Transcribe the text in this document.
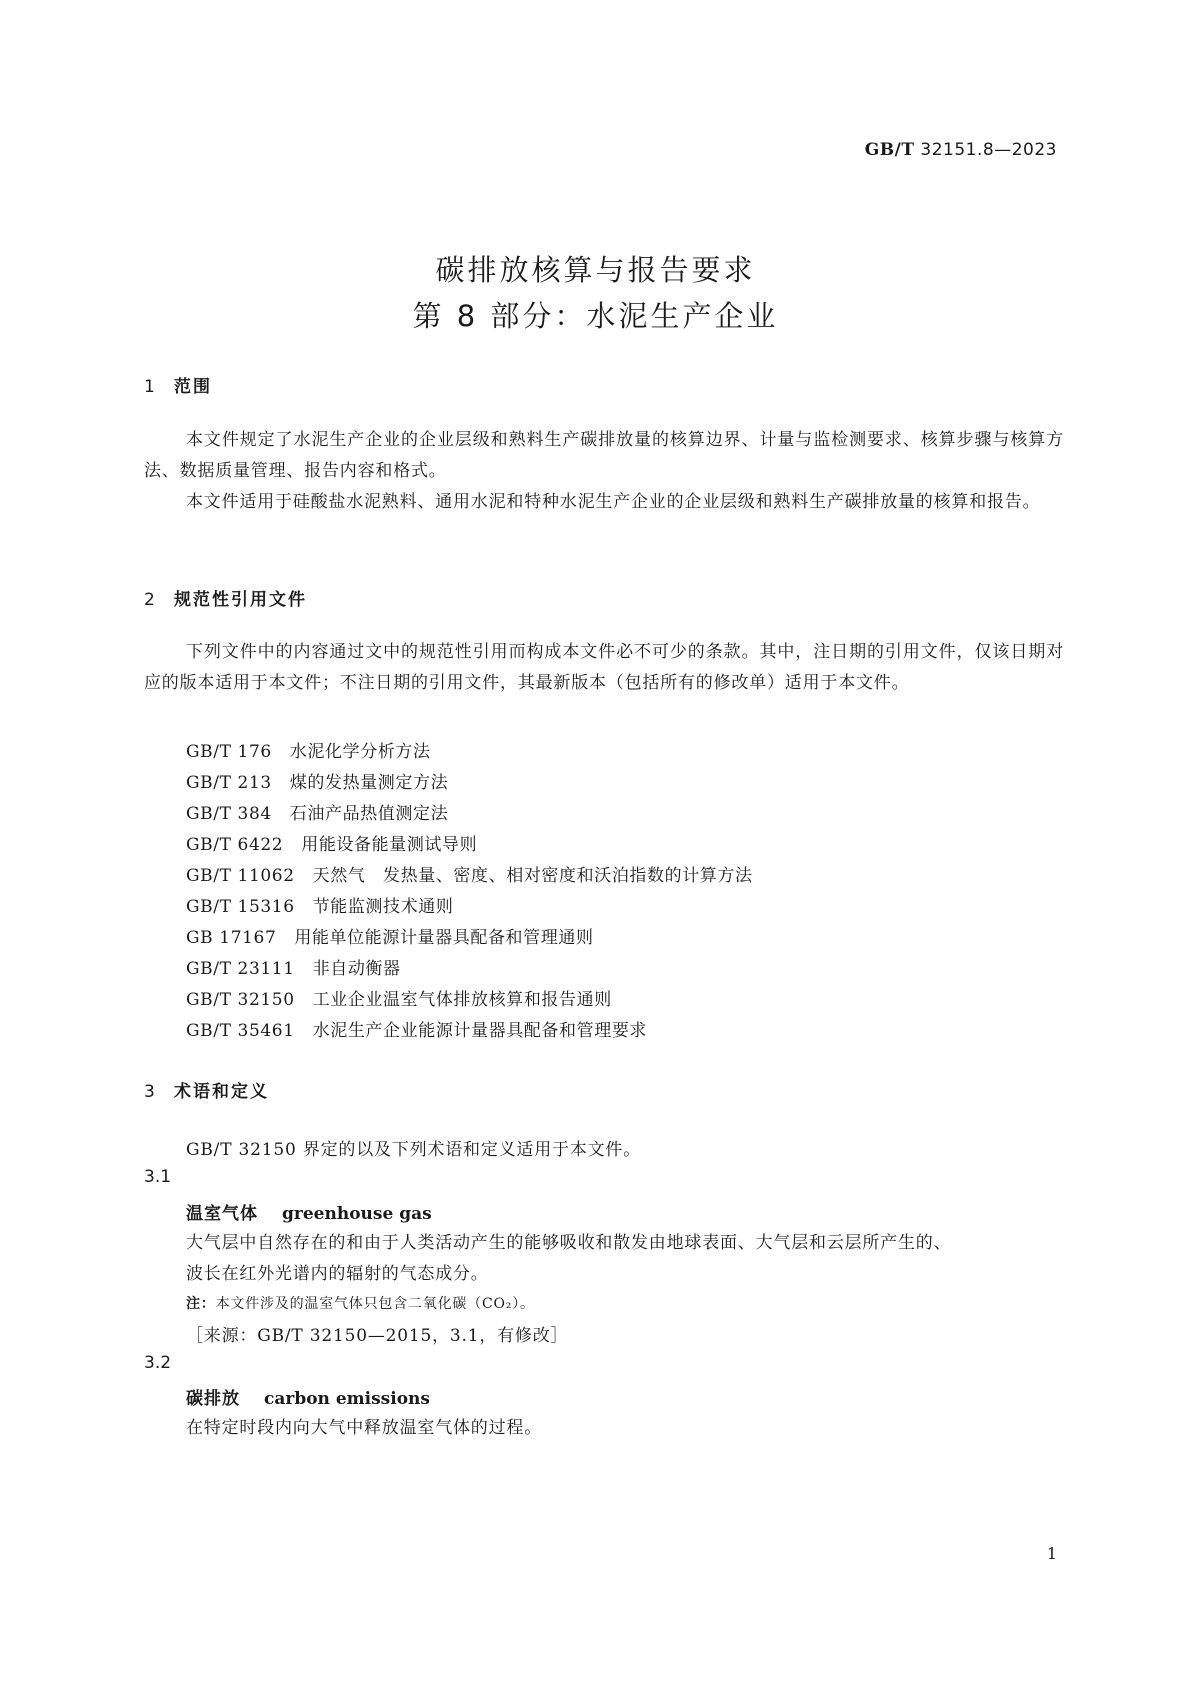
GB/T 32151.8—2023
碳排放核算与报告要求
第 8 部分：水泥生产企业
1 范围
本文件规定了水泥生产企业的企业层级和熟料生产碳排放量的核算边界、计量与监检测要求、核算步骤与核算方法、数据质量管理、报告内容和格式。
本文件适用于硅酸盐水泥熟料、通用水泥和特种水泥生产企业的企业层级和熟料生产碳排放量的核算和报告。
2 规范性引用文件
下列文件中的内容通过文中的规范性引用而构成本文件必不可少的条款。其中，注日期的引用文件，仅该日期对应的版本适用于本文件；不注日期的引用文件，其最新版本（包括所有的修改单）适用于本文件。
GB/T 176 水泥化学分析方法
GB/T 213 煤的发热量测定方法
GB/T 384 石油产品热值测定法
GB/T 6422 用能设备能量测试导则
GB/T 11062 天然气　发热量、密度、相对密度和沃泊指数的计算方法
GB/T 15316 节能监测技术通则
GB 17167 用能单位能源计量器具配备和管理通则
GB/T 23111 非自动衡器
GB/T 32150 工业企业温室气体排放核算和报告通则
GB/T 35461 水泥生产企业能源计量器具配备和管理要求
3 术语和定义
GB/T 32150 界定的以及下列术语和定义适用于本文件。
3.1
温室气体 greenhouse gas
大气层中自然存在的和由于人类活动产生的能够吸收和散发由地球表面、大气层和云层所产生的、
波长在红外光谱内的辐射的气态成分。
注：本文件涉及的温室气体只包含二氧化碳（CO₂）。
［来源：GB/T 32150—2015，3.1，有修改］
3.2
碳排放 carbon emissions
在特定时段内向大气中释放温室气体的过程。
1
